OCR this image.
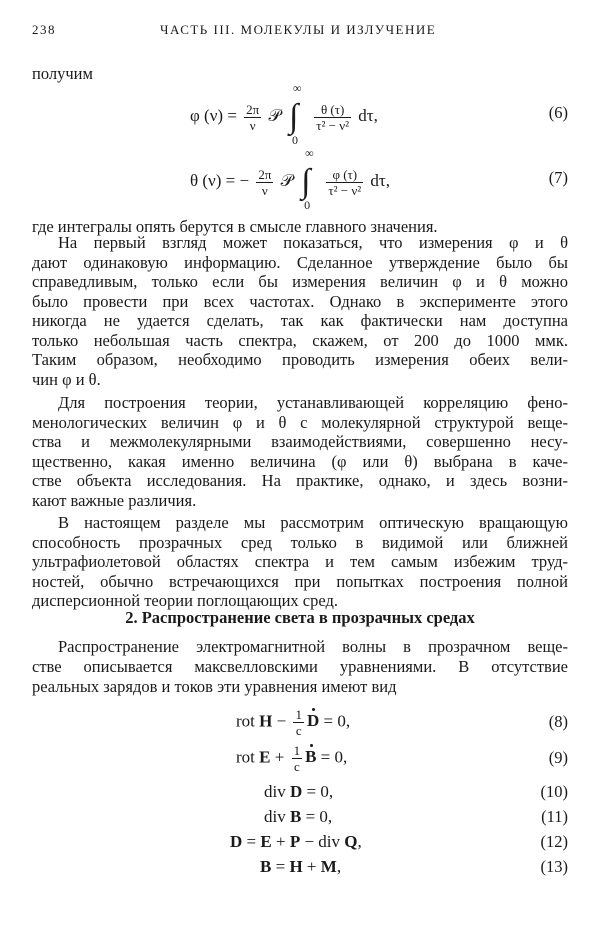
238	ЧАСТЬ III. МОЛЕКУЛЫ И ИЗЛУЧЕНИЕ
получим
φ $(\nu) = \frac{2\pi}{\nu}$ 𝒫
∞
∫
0

$\frac{\theta (\tau)}{\text{τ² − ν²}} d\tau$,	(6)
θ (ν) = − $\frac{2\pi}{\nu}$ 𝒫
∞
∫
0

$\frac{\varphi (\tau)}{\text{τ² − ν²}} d\tau$,	(7)
где интегралы опять берутся в смысле главного значения.
На первый взгляд может показаться, что измерения φ и θ
дают одинаковую информацию. Сделанное утверждение было бы
справедливым, только если бы измерения величин φ и θ можно
было провести при всех частотах. Однако в эксперименте этого
никогда не удается сделать, так как фактически нам доступна
только небольшая часть спектра, скажем, от 200 до 1000 ммк.
Таким образом, необходимо проводить измерения обеих вели-
чин φ и θ.
Для построения теории, устанавливающей корреляцию фено-
менологических величин φ и θ с молекулярной структурой веще-
ства и межмолекулярными взаимодействиями, совершенно несу-
щественно, какая именно величина (φ или θ) выбрана в каче-
стве объекта исследования. На практике, однако, и здесь возни-
кают важные различия.
2. Распространение света в прозрачных средах
Распространение электромагнитной волны в прозрачном веще-
стве описывается максвелловскими уравнениями. В отсутствие
реальных зарядов и токов эти уравнения имеют вид
rot $H - \frac{1}{c}$ D = 0,	(8)
rot $E + \frac{1}{c}$ B = 0,	(9)
div D = 0,	(10)
div B = 0,	(11)
D = E + P − div Q,	(12)
B = H + M,	(13)
В настоящем разделе мы рассмотрим оптическую вращающую
способность прозрачных сред только в видимой или ближней
ультрафиолетовой областях спектра и тем самым избежим труд-
ностей, обычно встречающихся при попытках построения полной
дисперсионной теории поглощающих сред.
